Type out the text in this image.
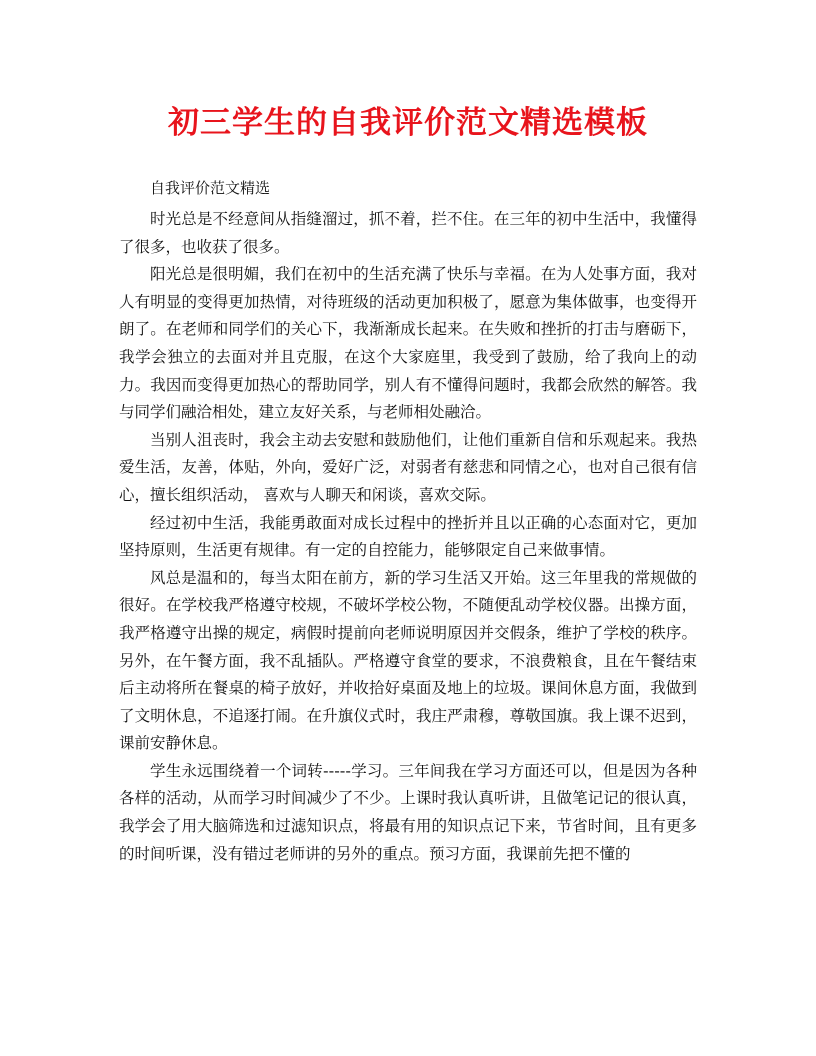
初三学生的自我评价范文精选模板
自我评价范文精选

时光总是不经意间从指缝溜过，抓不着，拦不住。在三年的初中生活中，我懂得了很多，也收获了很多。

阳光总是很明媚，我们在初中的生活充满了快乐与幸福。在为人处事方面，我对人有明显的变得更加热情，对待班级的活动更加积极了，愿意为集体做事，也变得开朗了。在老师和同学们的关心下，我渐渐成长起来。在失败和挫折的打击与磨砺下，我学会独立的去面对并且克服，在这个大家庭里，我受到了鼓励，给了我向上的动力。我因而变得更加热心的帮助同学，别人有不懂得问题时，我都会欣然的解答。我与同学们融洽相处，建立友好关系，与老师相处融洽。

当别人沮丧时，我会主动去安慰和鼓励他们，让他们重新自信和乐观起来。我热爱生活，友善，体贴，外向，爱好广泛，对弱者有慈悲和同情之心，也对自己很有信心，擅长组织活动， 喜欢与人聊天和闲谈，喜欢交际。

经过初中生活，我能勇敢面对成长过程中的挫折并且以正确的心态面对它，更加坚持原则，生活更有规律。有一定的自控能力，能够限定自己来做事情。

风总是温和的，每当太阳在前方，新的学习生活又开始。这三年里我的常规做的很好。在学校我严格遵守校规，不破坏学校公物，不随便乱动学校仪器。出操方面，我严格遵守出操的规定，病假时提前向老师说明原因并交假条，维护了学校的秩序。另外，在午餐方面，我不乱插队。严格遵守食堂的要求，不浪费粮食，且在午餐结束后主动将所在餐桌的椅子放好，并收拾好桌面及地上的垃圾。课间休息方面，我做到了文明休息，不追逐打闹。在升旗仪式时，我庄严肃穆，尊敬国旗。我上课不迟到，课前安静休息。

学生永远围绕着一个词转-----学习。三年间我在学习方面还可以，但是因为各种各样的活动，从而学习时间减少了不少。上课时我认真听讲，且做笔记记的很认真，我学会了用大脑筛选和过滤知识点，将最有用的知识点记下来，节省时间，且有更多的时间听课，没有错过老师讲的另外的重点。预习方面，我课前先把不懂的
